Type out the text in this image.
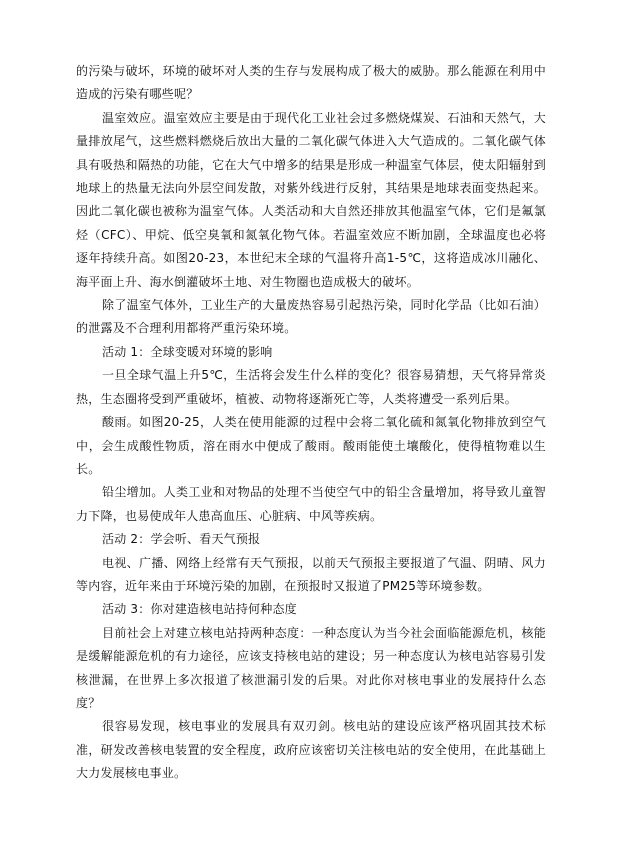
的污染与破坏，环境的破坏对人类的生存与发展构成了极大的威胁。那么能源在利用中造成的污染有哪些呢？

温室效应。温室效应主要是由于现代化工业社会过多燃烧煤炭、石油和天然气，大量排放尾气，这些燃料燃烧后放出大量的二氧化碳气体进入大气造成的。二氧化碳气体具有吸热和隔热的功能，它在大气中增多的结果是形成一种温室气体层，使太阳辐射到地球上的热量无法向外层空间发散，对紫外线进行反射，其结果是地球表面变热起来。因此二氧化碳也被称为温室气体。人类活动和大自然还排放其他温室气体，它们是氟氯烃（CFC）、甲烷、低空臭氧和氮氧化物气体。若温室效应不断加剧，全球温度也必将逐年持续升高。如图20-23，本世纪末全球的气温将升高1-5℃，这将造成冰川融化、海平面上升、海水倒灌破坏土地、对生物圈也造成极大的破坏。

除了温室气体外，工业生产的大量废热容易引起热污染，同时化学品（比如石油）的泄露及不合理利用都将严重污染环境。

活动 1：全球变暖对环境的影响

一旦全球气温上升5℃，生活将会发生什么样的变化？很容易猜想，天气将异常炎热，生态圈将受到严重破坏，植被、动物将逐渐死亡等，人类将遭受一系列后果。

酸雨。如图20-25，人类在使用能源的过程中会将二氧化硫和氮氧化物排放到空气中，会生成酸性物质，溶在雨水中便成了酸雨。酸雨能使土壤酸化，使得植物难以生长。

铅尘增加。人类工业和对物品的处理不当使空气中的铅尘含量增加，将导致儿童智力下降，也易使成年人患高血压、心脏病、中风等疾病。

活动 2：学会听、看天气预报

电视、广播、网络上经常有天气预报，以前天气预报主要报道了气温、阴晴、风力等内容，近年来由于环境污染的加剧，在预报时又报道了PM25等环境参数。

活动 3：你对建造核电站持何种态度

目前社会上对建立核电站持两种态度：一种态度认为当今社会面临能源危机，核能是缓解能源危机的有力途径，应该支持核电站的建设；另一种态度认为核电站容易引发核泄漏，在世界上多次报道了核泄漏引发的后果。对此你对核电事业的发展持什么态度？

很容易发现，核电事业的发展具有双刃剑。核电站的建设应该严格巩固其技术标准，研发改善核电装置的安全程度，政府应该密切关注核电站的安全使用，在此基础上大力发展核电事业。
